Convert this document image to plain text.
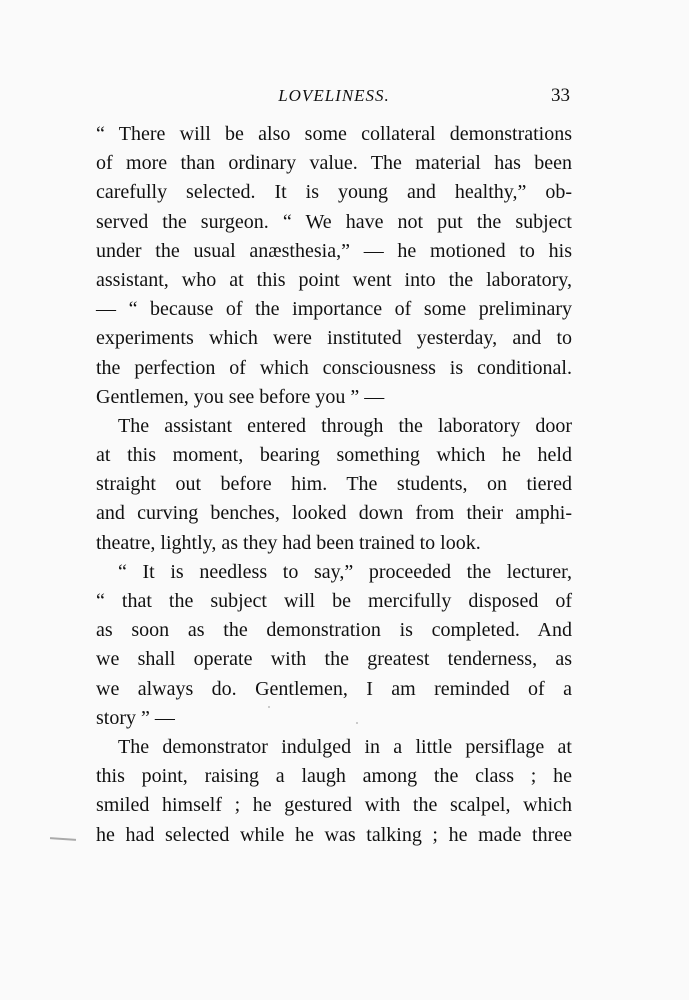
LOVELINESS.	33
“ There will be also some collateral demonstrations
of more than ordinary value. The material has been
carefully selected. It is young and healthy,” ob-
served the surgeon. “ We have not put the subject
under the usual anæsthesia,” — he motioned to his
assistant, who at this point went into the laboratory,
— “ because of the importance of some preliminary
experiments which were instituted yesterday, and to
the perfection of which consciousness is conditional.
Gentlemen, you see before you ” —
The assistant entered through the laboratory door
at this moment, bearing something which he held
straight out before him. The students, on tiered
and curving benches, looked down from their amphi-
theatre, lightly, as they had been trained to look.
“ It is needless to say,” proceeded the lecturer,
“ that the subject will be mercifully disposed of
as soon as the demonstration is completed. And
we shall operate with the greatest tenderness, as
we always do. Gentlemen, I am reminded of a
story ” —
The demonstrator indulged in a little persiflage at
this point, raising a laugh among the class ; he
smiled himself ; he gestured with the scalpel, which
he had selected while he was talking ; he made three
